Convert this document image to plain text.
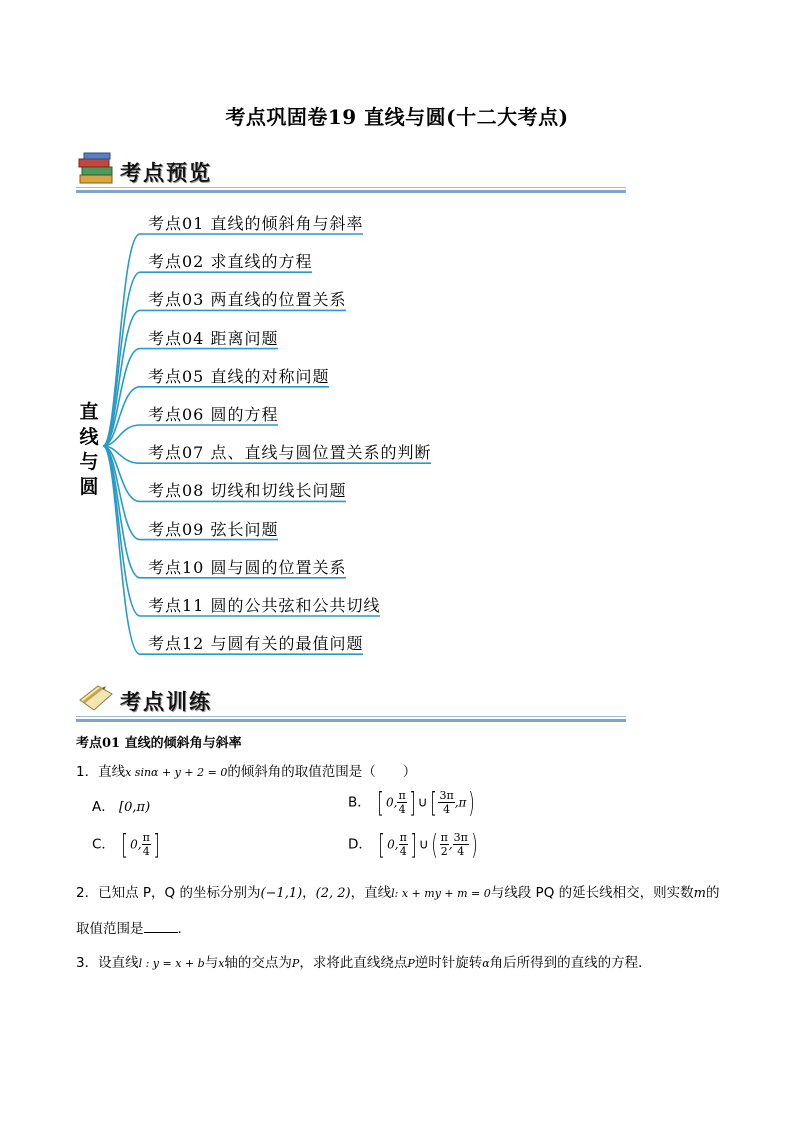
考点巩固卷19 直线与圆(十二大考点)
考点预览
直
线
与
圆
考点01 直线的倾斜角与斜率
考点02 求直线的方程
考点03 两直线的位置关系
考点04 距离问题
考点05 直线的对称问题
考点06 圆的方程
考点07 点、直线与圆位置关系的判断
考点08 切线和切线长问题
考点09 弦长问题
考点10 圆与圆的位置关系
考点11 圆的公共弦和公共切线
考点12 与圆有关的最值问题
考点训练
考点01 直线的倾斜角与斜率
1．直线x sinα + y + 2 = 0的倾斜角的取值范围是（　　）
A． [0,π)	B． [ 0, $\frac{\pi}{4}$ ] ∪[ $\frac{3\pi}{4} ,\pi$)
C． [ 0, $\frac{\pi}{4}$ ]	D． [ 0, $\frac{\pi}{4}$ ] ∪( $\frac{\pi}{2}$ , $\frac{3\pi}{4}$ )
2．已知点 P，Q 的坐标分别为(−1,1)，(2, 2)，直线l: x + my + m = 0与线段 PQ 的延长线相交，则实数m的
取值范围是	.
3．设直线l : y = x + b与x轴的交点为P，求将此直线绕点P逆时针旋转α角后所得到的直线的方程．
